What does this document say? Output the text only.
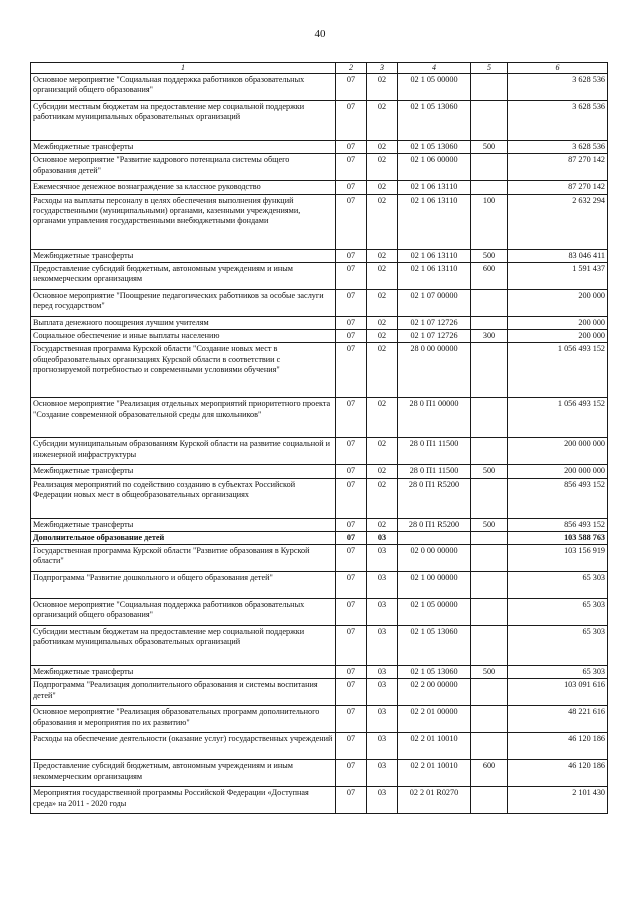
40
1	2	3	4	5	6
Основное мероприятие "Социальная поддержка работников образовательных организаций общего образования"	07	02	02 1 05 00000		3 628 536
Субсидии местным бюджетам на предоставление мер социальной поддержки работникам муниципальных образовательных организаций	07	02	02 1 05 13060		3 628 536
Межбюджетные трансферты	07	02	02 1 05 13060	500	3 628 536
Основное мероприятие "Развитие кадрового потенциала системы общего образования детей"	07	02	02 1 06 00000		87 270 142
Ежемесячное денежное вознаграждение за классное руководство	07	02	02 1 06 13110		87 270 142
Расходы на выплаты персоналу в целях обеспечения выполнения функций государственными (муниципальными) органами, казенными учреждениями, органами управления государственными внебюджетными фондами	07	02	02 1 06 13110	100	2 632 294
Межбюджетные трансферты	07	02	02 1 06 13110	500	83 046 411
Предоставление субсидий бюджетным, автономным учреждениям и иным некоммерческим организациям	07	02	02 1 06 13110	600	1 591 437
Основное мероприятие "Поощрение педагогических работников за особые заслуги перед государством"	07	02	02 1 07 00000		200 000
Выплата денежного поощрения лучшим учителям	07	02	02 1 07 12726		200 000
Социальное обеспечение и иные выплаты населению	07	02	02 1 07 12726	300	200 000
Государственная программа Курской области "Создание новых мест в общеобразовательных организациях Курской области в соответствии с прогнозируемой потребностью и современными условиями обучения"	07	02	28 0 00 00000		1 056 493 152
Основное мероприятие "Реализация отдельных мероприятий приоритетного проекта "Создание современной образовательной среды для школьников"	07	02	28 0 П1 00000		1 056 493 152
Субсидии муниципальным образованиям Курской области на развитие социальной и инженерной инфраструктуры	07	02	28 0 П1 11500		200 000 000
Межбюджетные трансферты	07	02	28 0 П1 11500	500	200 000 000
Реализация мероприятий по содействию созданию в субъектах Российской Федерации новых мест в общеобразовательных организациях	07	02	28 0 П1 R5200		856 493 152
Межбюджетные трансферты	07	02	28 0 П1 R5200	500	856 493 152
Дополнительное образование детей	07	03			103 588 763
Государственная программа Курской области "Развитие образования в Курской области"	07	03	02 0 00 00000		103 156 919
Подпрограмма "Развитие дошкольного и общего образования детей"	07	03	02 1 00 00000		65 303
Основное мероприятие "Социальная поддержка работников образовательных организаций общего образования"	07	03	02 1 05 00000		65 303
Субсидии местным бюджетам на предоставление мер социальной поддержки работникам муниципальных образовательных организаций	07	03	02 1 05 13060		65 303
Межбюджетные трансферты	07	03	02 1 05 13060	500	65 303
Подпрограмма "Реализация дополнительного образования и системы воспитания детей"	07	03	02 2 00 00000		103 091 616
Основное мероприятие "Реализация образовательных программ дополнительного образования и мероприятия по их развитию"	07	03	02 2 01 00000		48 221 616
Расходы на обеспечение деятельности (оказание услуг) государственных учреждений	07	03	02 2 01 10010		46 120 186
Предоставление субсидий бюджетным, автономным учреждениям и иным некоммерческим организациям	07	03	02 2 01 10010	600	46 120 186
Мероприятия государственной программы Российской Федерации «Доступная среда» на 2011 - 2020 годы	07	03	02 2 01 R0270		2 101 430
